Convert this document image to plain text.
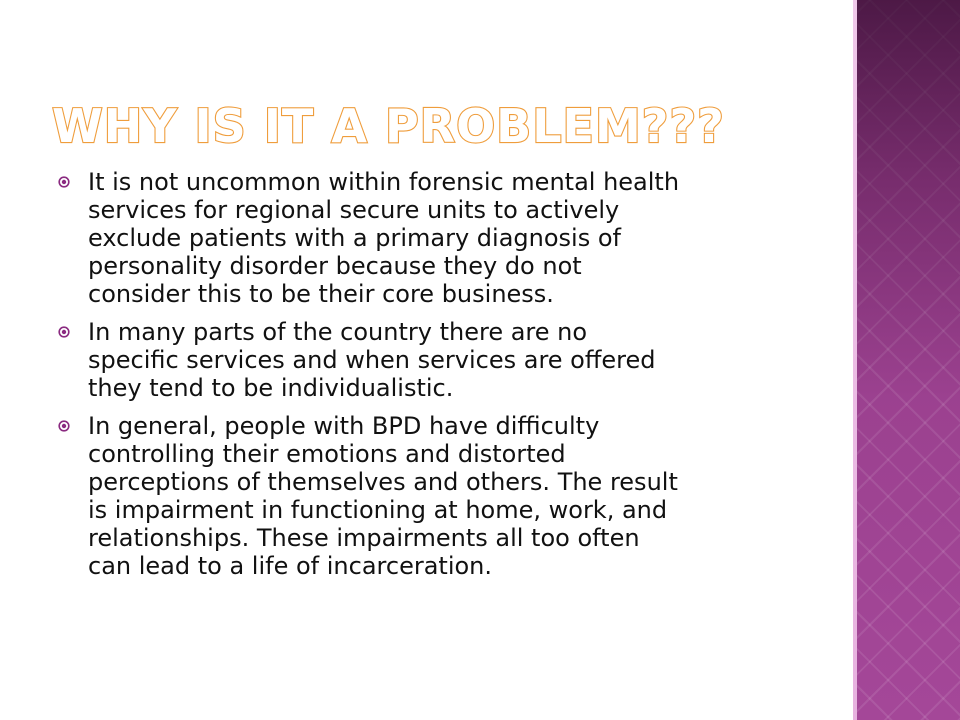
WHY IS IT A PROBLEM???
It is not uncommon within forensic mental health
services for regional secure units to actively
exclude patients with a primary diagnosis of
personality disorder because they do not
consider this to be their core business.
In many parts of the country there are no
specific services and when services are offered
they tend to be individualistic.
In general, people with BPD have difficulty
controlling their emotions and distorted
perceptions of themselves and others. The result
is impairment in functioning at home, work, and
relationships. These impairments all too often
can lead to a life of incarceration.
